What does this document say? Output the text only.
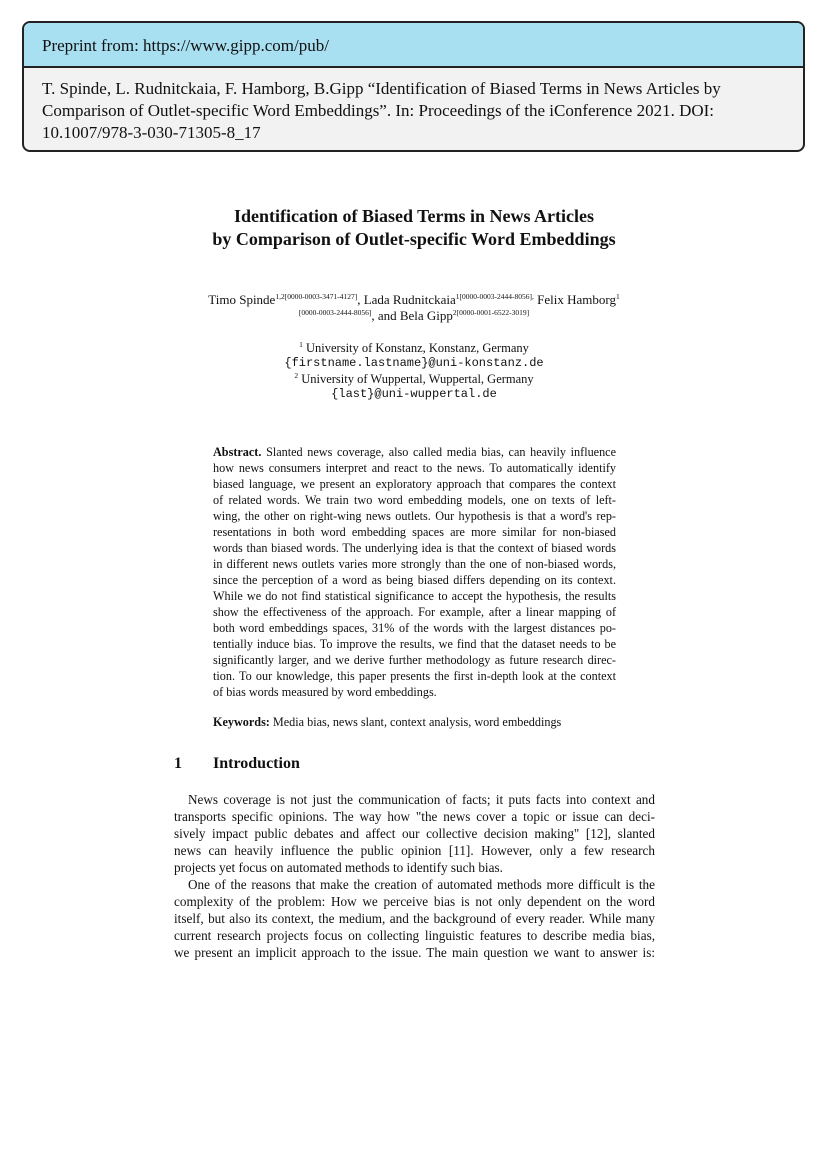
Preprint from: https://www.gipp.com/pub/
T. Spinde, L. Rudnitckaia, F. Hamborg, B.Gipp “Identification of Biased Terms in News Articles by
Comparison of Outlet-specific Word Embeddings”. In: Proceedings of the iConference 2021. DOI:
10.1007/978-3-030-71305-8_17
Identification of Biased Terms in News Articles
by Comparison of Outlet-specific Word Embeddings
Timo Spinde$^{1,2[0000-0003-3471-4127]}$, Lada Rudnitckaia$^{1[0000-0003-2444-8056],}$ Felix Hamborg$^1$
[0000-0003-2444-8056], and Bela Gipp$^{2[0000-0001-6522-3019]}$
$^1$ University of Konstanz, Konstanz, Germany
{firstname.lastname}@uni-konstanz.de
$^2$ University of Wuppertal, Wuppertal, Germany
{last}@uni-wuppertal.de
Abstract. Slanted news coverage, also called media bias, can heavily influence
how news consumers interpret and react to the news. To automatically identify
biased language, we present an exploratory approach that compares the context
of related words. We train two word embedding models, one on texts of left-
wing, the other on right-wing news outlets. Our hypothesis is that a word's rep-
resentations in both word embedding spaces are more similar for non-biased
words than biased words. The underlying idea is that the context of biased words
in different news outlets varies more strongly than the one of non-biased words,
since the perception of a word as being biased differs depending on its context.
While we do not find statistical significance to accept the hypothesis, the results
show the effectiveness of the approach. For example, after a linear mapping of
both word embeddings spaces, 31% of the words with the largest distances po-
tentially induce bias. To improve the results, we find that the dataset needs to be
significantly larger, and we derive further methodology as future research direc-
tion. To our knowledge, this paper presents the first in-depth look at the context
of bias words measured by word embeddings.
Keywords: Media bias, news slant, context analysis, word embeddings
1 Introduction
News coverage is not just the communication of facts; it puts facts into context and
transports specific opinions. The way how "the news cover a topic or issue can deci-
sively impact public debates and affect our collective decision making" [12], slanted
news can heavily influence the public opinion [11]. However, only a few research
projects yet focus on automated methods to identify such bias.
One of the reasons that make the creation of automated methods more difficult is the
complexity of the problem: How we perceive bias is not only dependent on the word
itself, but also its context, the medium, and the background of every reader. While many
current research projects focus on collecting linguistic features to describe media bias,
we present an implicit approach to the issue. The main question we want to answer is:
